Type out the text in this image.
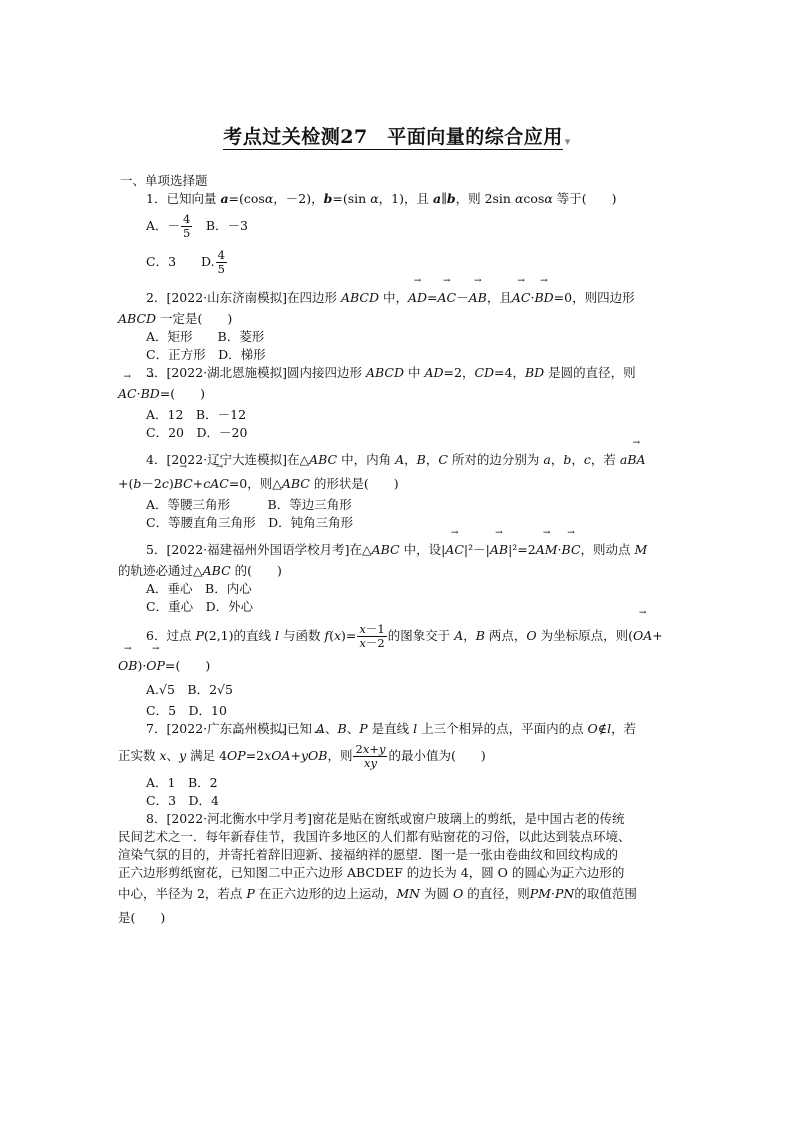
考点过关检测27　平面向量的综合应用 ▾
一、单项选择题
1．已知向量 a=(cosα，－2)，b=(sin α，1)，且 a∥b，则 2sin αcosα 等于(　　)
A．－ $\frac{4}{5}$ 　B．－3
C．3　　D. $\frac{4}{5}$
2．[2022·山东济南模拟]在四边形 ABCD 中，→ AD=→ AC－→ AB，且→ AC·→ BD=0，则四边形
ABCD 一定是(　　)
A．矩形　　B．菱形
C．正方形　D．梯形
3．[2022·湖北恩施模拟]圆内接四边形 ABCD 中 AD=2，CD=4，BD 是圆的直径，则
→ AC·→ BD=(　　)
A．12　B．－12
C．20　D．－20
4．[2022·辽宁大连模拟]在△ABC 中，内角 A，B，C 所对的边分别为 a，b，c，若 a→ BA
+(b－2c)→ BC+c→ AC=0，则△ABC 的形状是(　　)
A．等腰三角形　　　B．等边三角形
C．等腰直角三角形　D．钝角三角形
5．[2022·福建福州外国语学校月考]在△ABC 中，设|→ AC|²－|→ AB|²=2→ AM·→ BC，则动点 M
的轨迹必通过△ABC 的(　　)
A．垂心　B．内心
C．重心　D．外心
6．过点 P(2,1)的直线 l 与函数 $f(x)= \frac{x-1}{x-2}$ 的图象交于 A，B 两点，O 为坐标原点，则(→ OA+
→ OB)·→ OP=(　　)
A.√5　B．2√5
C．5　D．10
7．[2022·广东高州模拟]已知 A、B、P 是直线 l 上三个相异的点，平面内的点 O∉l，若
正实数 x、y 满足 4→ OP=2x→ OA+y→ OB，则 $\frac{2x+y}{xy}$ 的最小值为(　　)
A．1　B．2
C．3　D．4
8．[2022·河北衡水中学月考]窗花是贴在窗纸或窗户玻璃上的剪纸，是中国古老的传统
民间艺术之一．每年新春佳节，我国许多地区的人们都有贴窗花的习俗，以此达到装点环境、
渲染气氛的目的，并寄托着辞旧迎新、接福纳祥的愿望．图一是一张由卷曲纹和回纹构成的
正六边形剪纸窗花，已知图二中正六边形 ABCDEF 的边长为 4，圆 O 的圆心为正六边形的
中心，半径为 2，若点 P 在正六边形的边上运动，MN 为圆 O 的直径，则→ PM·→ PN的取值范围
是(　　)
